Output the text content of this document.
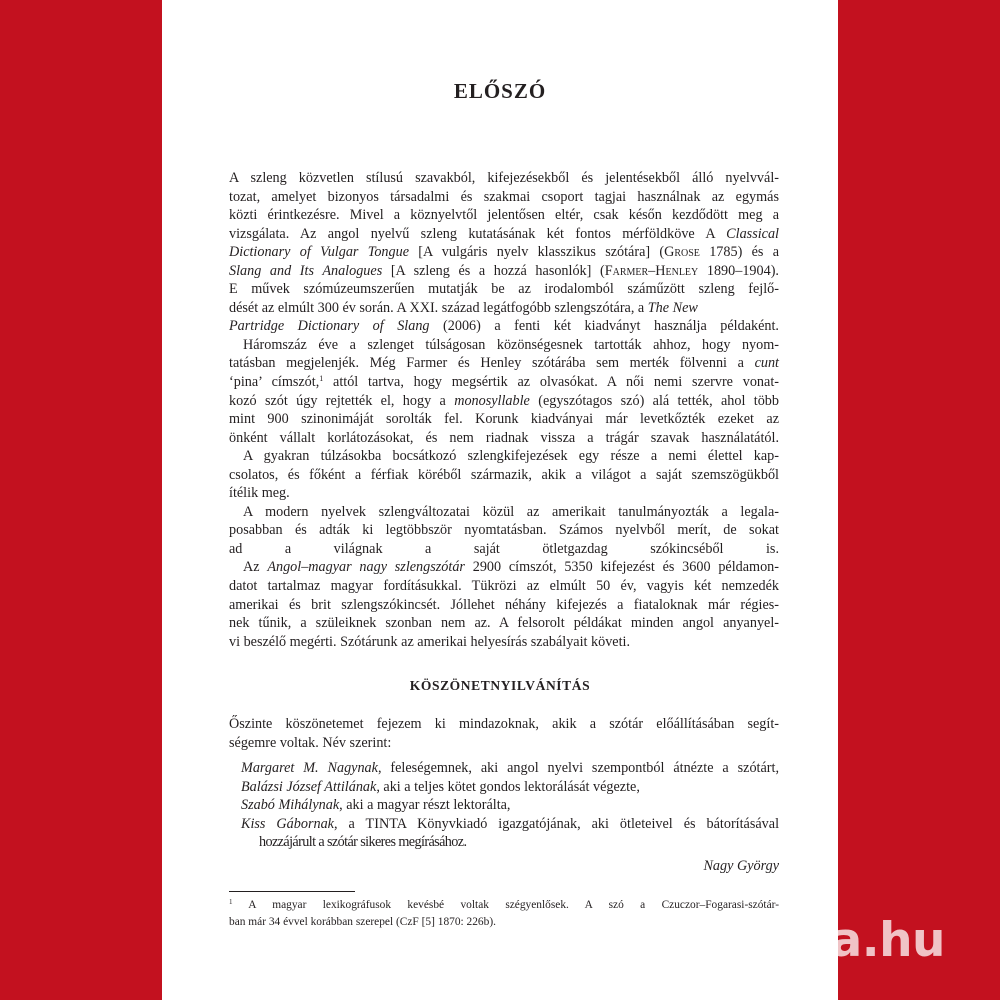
ELŐSZÓ
A szleng közvetlen stílusú szavakból, kifejezésekből és jelentésekből álló nyelvvál-
tozat, amelyet bizonyos társadalmi és szakmai csoport tagjai használnak az egymás
közti érintkezésre. Mivel a köznyelvtől jelentősen eltér, csak későn kezdődött meg a
vizsgálata. Az angol nyelvű szleng kutatásának két fontos mérföldköve A Classical
Dictionary of Vulgar Tongue [A vulgáris nyelv klasszikus szótára] (Grose 1785) és a
Slang and Its Analogues [A szleng és a hozzá hasonlók] (Farmer–Henley 1890–1904).
E művek szómúzeumszerűen mutatják be az irodalomból száműzött szleng fejlő-
dését az elmúlt 300 év során. A XXI. század legátfogóbb szlengszótára, a The New
Partridge Dictionary of Slang (2006) a fenti két kiadványt használja példaként.
Háromszáz éve a szlenget túlságosan közönségesnek tartották ahhoz, hogy nyom-
tatásban megjelenjék. Még Farmer és Henley szótárába sem merték fölvenni a cunt
‘pina’ címszót,$^1$ attól tartva, hogy megsértik az olvasókat. A női nemi szervre vonat-
kozó szót úgy rejtették el, hogy a monosyllable (egyszótagos szó) alá tették, ahol több
mint 900 szinonimáját sorolták fel. Korunk kiadványai már levetkőzték ezeket az
önként vállalt korlátozásokat, és nem riadnak vissza a trágár szavak használatától.
A gyakran túlzásokba bocsátkozó szlengkifejezések egy része a nemi élettel kap-
csolatos, és főként a férfiak köréből származik, akik a világot a saját szemszögükből
ítélik meg.
A modern nyelvek szlengváltozatai közül az amerikait tanulmányozták a legala-
posabban és adták ki legtöbbször nyomtatásban. Számos nyelvből merít, de sokat
ad a világnak a saját ötletgazdag szókincséből is.
Az Angol–magyar nagy szlengszótár 2900 címszót, 5350 kifejezést és 3600 példamon-
datot tartalmaz magyar fordításukkal. Tükrözi az elmúlt 50 év, vagyis két nemzedék
amerikai és brit szlengszókincsét. Jóllehet néhány kifejezés a fiataloknak már régies-
nek tűnik, a szüleiknek szonban nem az. A felsorolt példákat minden angol anyanyel-
vi beszélő megérti. Szótárunk az amerikai helyesírás szabályait követi.
KÖSZÖNETNYILVÁNÍTÁS
Őszinte köszönetemet fejezem ki mindazoknak, akik a szótár előállításában segít-
ségemre voltak. Név szerint:
Margaret M. Nagynak, feleségemnek, aki angol nyelvi szempontból átnézte a szótárt,
Balázsi József Attilának, aki a teljes kötet gondos lektorálását végezte,
Szabó Mihálynak, aki a magyar részt lektorálta,
Kiss Gábornak, a TINTA Könyvkiadó igazgatójának, aki ötleteivel és bátorításával
hozzájárult a szótár sikeres megírásához.
Nagy György
$^1$ A magyar lexikográfusok kevésbé voltak szégyenlősek. A szó a Czuczor–Fogarasi-szótár-
ban már 34 évvel korábban szerepel (CzF [5] 1870: 226b).	tinta.hu
